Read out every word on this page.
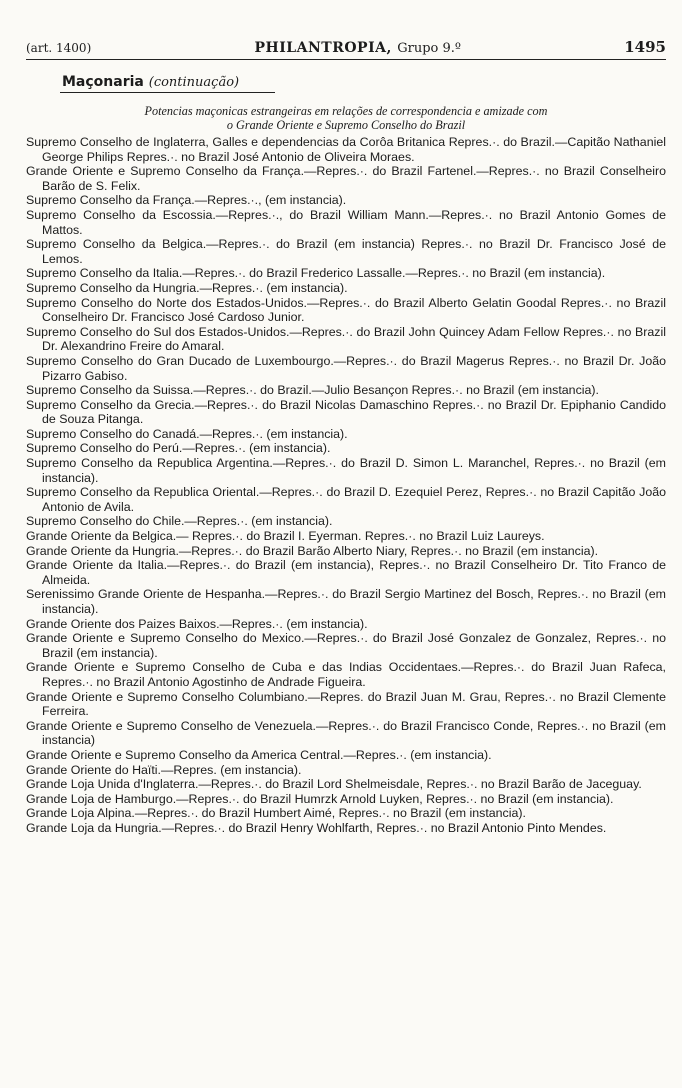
(art. 1400)	PHILANTROPIA, Grupo 9.º	1495
Maçonaria (continuação)
Potencias maçonicas estrangeiras em relações de correspondencia e amizade com
o Grande Oriente e Supremo Conselho do Brazil

Supremo Conselho de Inglaterra, Galles e dependencias da Corôa Britanica Repres.·. do Brazil.—Capitão Nathaniel George Philips Repres.·. no Brazil José Antonio de Oliveira Moraes.

Grande Oriente e Supremo Conselho da França.—Repres.·. do Brazil Fartenel.—Repres.·. no Brazil Conselheiro Barão de S. Felix.

Supremo Conselho da França.—Repres.·., (em instancia).

Supremo Conselho da Escossia.—Repres.·., do Brazil William Mann.—Repres.·. no Brazil Antonio Gomes de Mattos.

Supremo Conselho da Belgica.—Repres.·. do Brazil (em instancia) Repres.·. no Brazil Dr. Francisco José de Lemos.

Supremo Conselho da Italia.—Repres.·. do Brazil Frederico Lassalle.—Repres.·. no Brazil (em instancia).

Supremo Conselho da Hungria.—Repres.·. (em instancia).

Supremo Conselho do Norte dos Estados-Unidos.—Repres.·. do Brazil Alberto Gelatin Goodal Repres.·. no Brazil Conselheiro Dr. Francisco José Cardoso Junior.

Supremo Conselho do Sul dos Estados-Unidos.—Repres.·. do Brazil John Quincey Adam Fellow Repres.·. no Brazil Dr. Alexandrino Freire do Amaral.

Supremo Conselho do Gran Ducado de Luxembourgo.—Repres.·. do Brazil Magerus Repres.·. no Brazil Dr. João Pizarro Gabiso.

Supremo Conselho da Suissa.—Repres.·. do Brazil.—Julio Besançon Repres.·. no Brazil (em instancia).

Supremo Conselho da Grecia.—Repres.·. do Brazil Nicolas Damaschino Repres.·. no Brazil Dr. Epiphanio Candido de Souza Pitanga.

Supremo Conselho do Canadá.—Repres.·. (em instancia).

Supremo Conselho do Perú.—Repres.·. (em instancia).

Supremo Conselho da Republica Argentina.—Repres.·. do Brazil D. Simon L. Maranchel, Repres.·. no Brazil (em instancia).

Supremo Conselho da Republica Oriental.—Repres.·. do Brazil D. Ezequiel Perez, Repres.·. no Brazil Capitão João Antonio de Avila.

Supremo Conselho do Chile.—Repres.·. (em instancia).

Grande Oriente da Belgica.— Repres.·. do Brazil I. Eyerman. Repres.·. no Brazil Luiz Laureys.

Grande Oriente da Hungria.—Repres.·. do Brazil Barão Alberto Niary, Repres.·. no Brazil (em instancia).

Grande Oriente da Italia.—Repres.·. do Brazil (em instancia), Repres.·. no Brazil Conselheiro Dr. Tito Franco de Almeida.

Serenissimo Grande Oriente de Hespanha.—Repres.·. do Brazil Sergio Martinez del Bosch, Repres.·. no Brazil (em instancia).

Grande Oriente dos Paizes Baixos.—Repres.·. (em instancia).

Grande Oriente e Supremo Conselho do Mexico.—Repres.·. do Brazil José Gonzalez de Gonzalez, Repres.·. no Brazil (em instancia).

Grande Oriente e Supremo Conselho de Cuba e das Indias Occidentaes.—Repres.·. do Brazil Juan Rafeca, Repres.·. no Brazil Antonio Agostinho de Andrade Figueira.

Grande Oriente e Supremo Conselho Columbiano.—Repres. do Brazil Juan M. Grau, Repres.·. no Brazil Clemente Ferreira.

Grande Oriente e Supremo Conselho de Venezuela.—Repres.·. do Brazil Francisco Conde, Repres.·. no Brazil (em instancia)

Grande Oriente e Supremo Conselho da America Central.—Repres.·. (em instancia).

Grande Oriente do Haïti.—Repres. (em instancia).

Grande Loja Unida d'Inglaterra.—Repres.·. do Brazil Lord Shelmeisdale, Repres.·. no Brazil Barão de Jaceguay.

Grande Loja de Hamburgo.—Repres.·. do Brazil Humrzk Arnold Luyken, Repres.·. no Brazil (em instancia).

Grande Loja Alpina.—Repres.·. do Brazil Humbert Aimé, Repres.·. no Brazil (em instancia).

Grande Loja da Hungria.—Repres.·. do Brazil Henry Wohlfarth, Repres.·. no Brazil Antonio Pinto Mendes.
